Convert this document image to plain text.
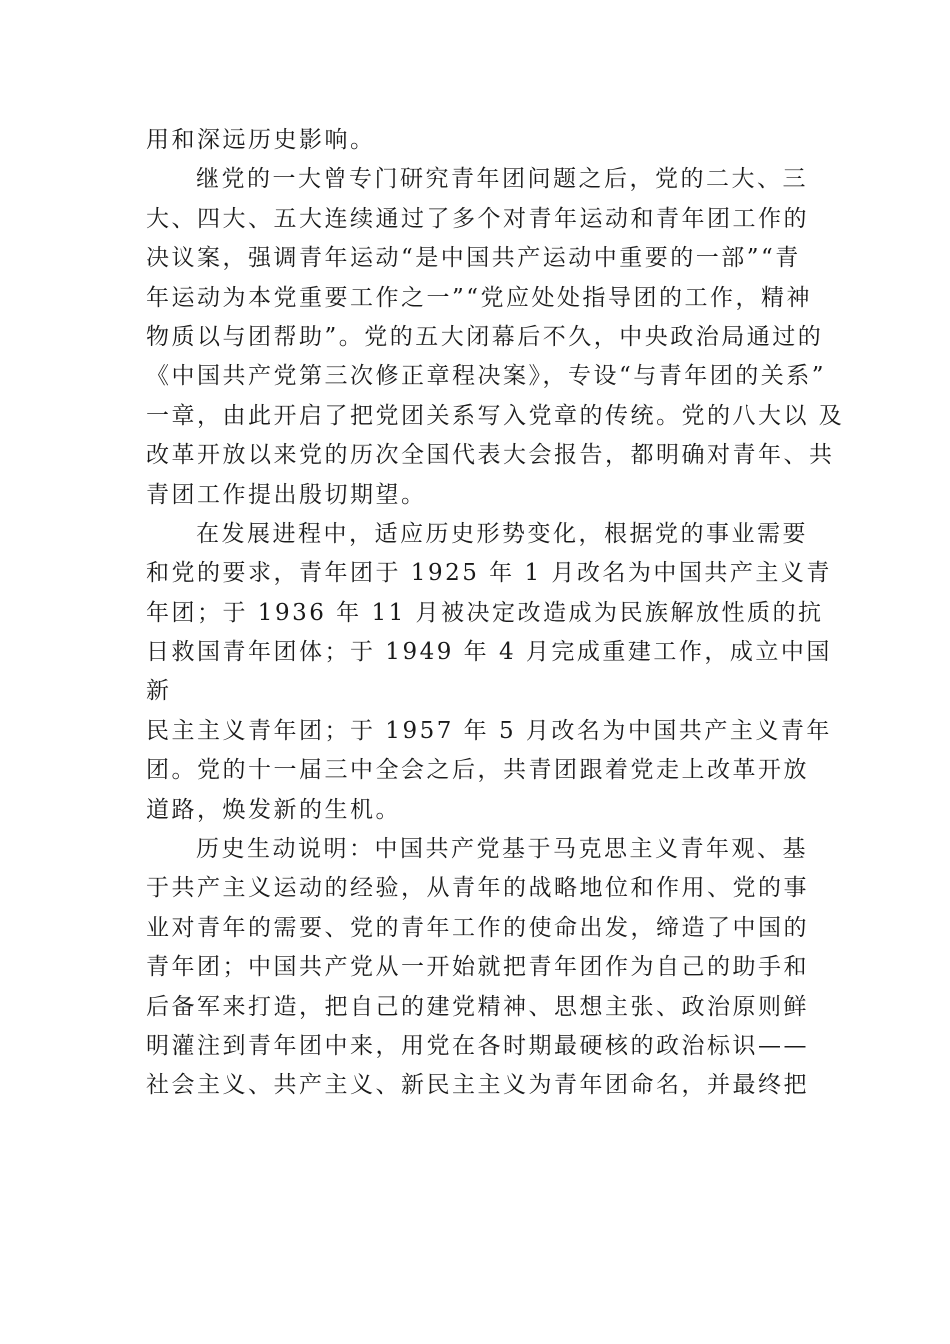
用和深远历史影响。
继党的一大曾专门研究青年团问题之后，党的二大、三
大、四大、五大连续通过了多个对青年运动和青年团工作的
决议案，强调青年运动“是中国共产运动中重要的一部”“青
年运动为本党重要工作之一”“党应处处指导团的工作，精神
物质以与团帮助”。党的五大闭幕后不久，中央政治局通过的
《中国共产党第三次修正章程决案》，专设“与青年团的关系”
一章，由此开启了把党团关系写入党章的传统。党的八大以 及
改革开放以来党的历次全国代表大会报告，都明确对青年、共
青团工作提出殷切期望。
在发展进程中，适应历史形势变化，根据党的事业需要
和党的要求，青年团于 1925 年 1 月改名为中国共产主义青
年团；于 1936 年 11 月被决定改造成为民族解放性质的抗
日救国青年团体；于 1949 年 4 月完成重建工作，成立中国
新
民主主义青年团；于 1957 年 5 月改名为中国共产主义青年
团。党的十一届三中全会之后，共青团跟着党走上改革开放
道路，焕发新的生机。
历史生动说明：中国共产党基于马克思主义青年观、基
于共产主义运动的经验，从青年的战略地位和作用、党的事
业对青年的需要、党的青年工作的使命出发，缔造了中国的
青年团；中国共产党从一开始就把青年团作为自己的助手和
后备军来打造，把自己的建党精神、思想主张、政治原则鲜
明灌注到青年团中来，用党在各时期最硬核的政治标识——
社会主义、共产主义、新民主主义为青年团命名，并最终把
